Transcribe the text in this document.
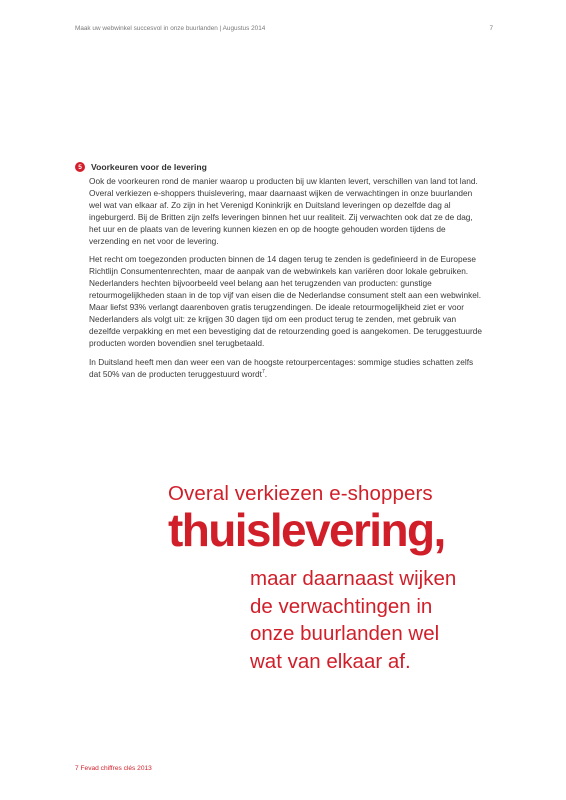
Maak uw webwinkel succesvol in onze buurlanden | Augustus 2014	7
5	Voorkeuren voor de levering

Ook de voorkeuren rond de manier waarop u producten bij uw klanten levert, verschillen van land tot land. Overal verkiezen e-shoppers thuislevering, maar daarnaast wijken de verwachtingen in onze buurlanden wel wat van elkaar af. Zo zijn in het Verenigd Koninkrijk en Duitsland leveringen op dezelfde dag al ingeburgerd. Bij de Britten zijn zelfs leveringen binnen het uur realiteit. Zij verwachten ook dat ze de dag, het uur en de plaats van de levering kunnen kiezen en op de hoogte gehouden worden tijdens de verzending en net voor de levering.

Het recht om toegezonden producten binnen de 14 dagen terug te zenden is gedefinieerd in de Europese Richtlijn Consumentenrechten, maar de aanpak van de webwinkels kan variëren door lokale gebruiken. Nederlanders hechten bijvoorbeeld veel belang aan het terugzenden van producten: gunstige retourmogelijkheden staan in de top vijf van eisen die de Nederlandse consument stelt aan een webwinkel. Maar liefst 93% verlangt daarenboven gratis terugzendingen. De ideale retourmogelijkheid ziet er voor Nederlanders als volgt uit: ze krijgen 30 dagen tijd om een product terug te zenden, met gebruik van dezelfde verpakking en met een bevestiging dat de retourzending goed is aangekomen. De teruggestuurde producten worden bovendien snel terugbetaald.

In Duitsland heeft men dan weer een van de hoogste retourpercentages: sommige studies schatten zelfs dat 50% van de producten teruggestuurd wordt$^7$.

Overal verkiezen e-shoppers

thuislevering,

maar daarnaast wijken

de verwachtingen in

onze buurlanden wel

wat van elkaar af.

7 Fevad chiffres clés 2013
